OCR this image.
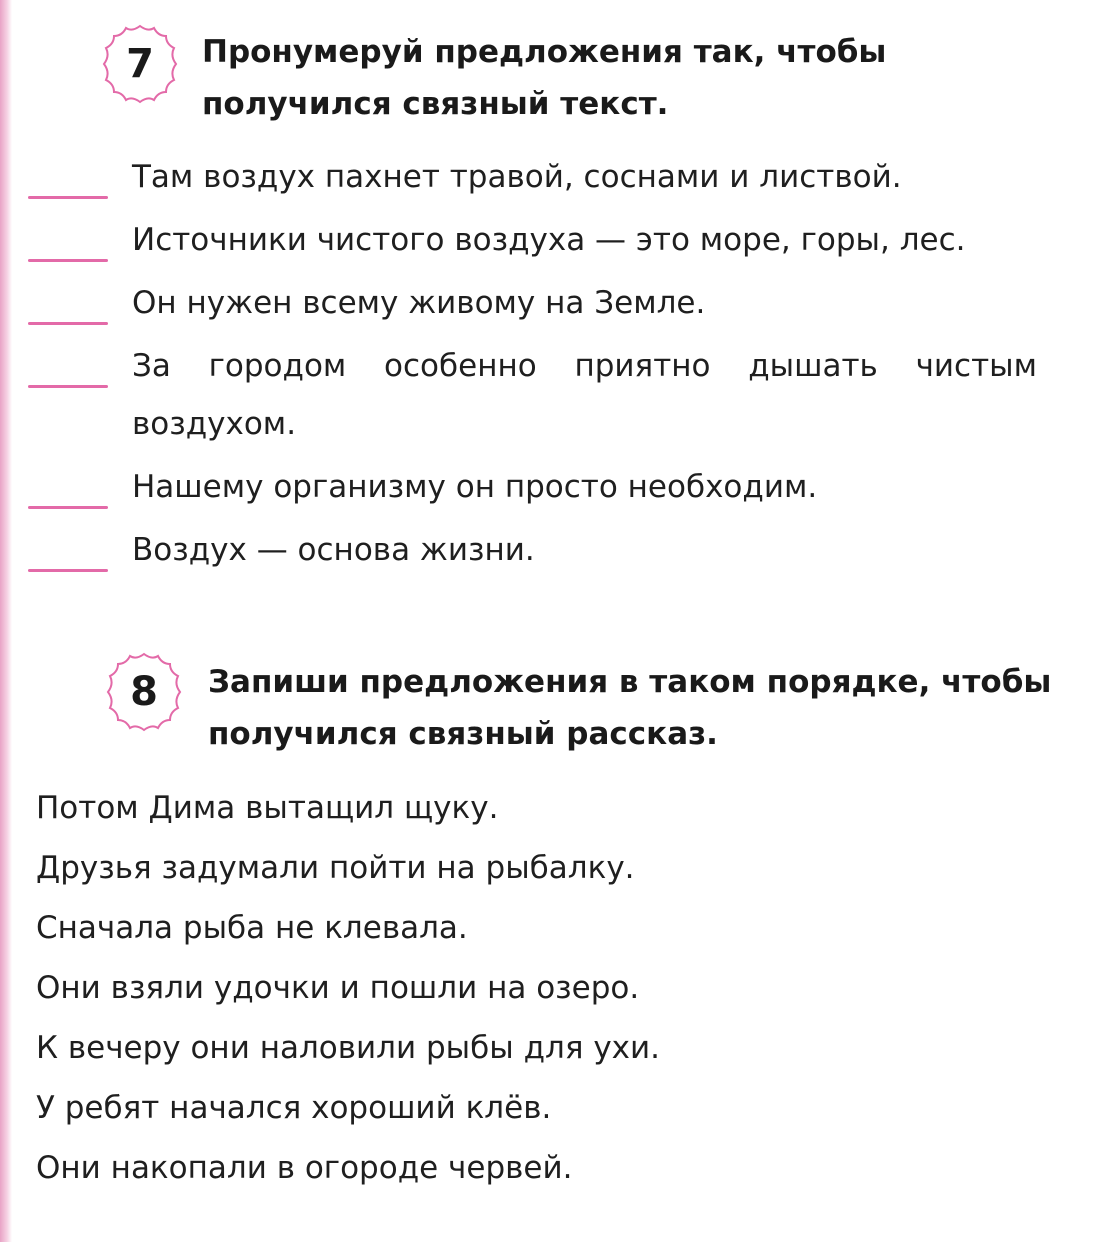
7	Пронумеруй предложения так, чтобы получился связный текст.
Там воздух пахнет травой, соснами и листвой.
Источники чистого воздуха — это море, горы, лес.
Он нужен всему живому на Земле.
За городом особенно приятно дышать чистым воздухом.
Нашему организму он просто необходим.
Воздух — основа жизни.
8	Запиши предложения в таком порядке, чтобы получился связный рассказ.
Потом Дима вытащил щуку.
Друзья задумали пойти на рыбалку.
Сначала рыба не клевала.
Они взяли удочки и пошли на озеро.
К вечеру они наловили рыбы для ухи.
У ребят начался хороший клёв.
Они накопали в огороде червей.
